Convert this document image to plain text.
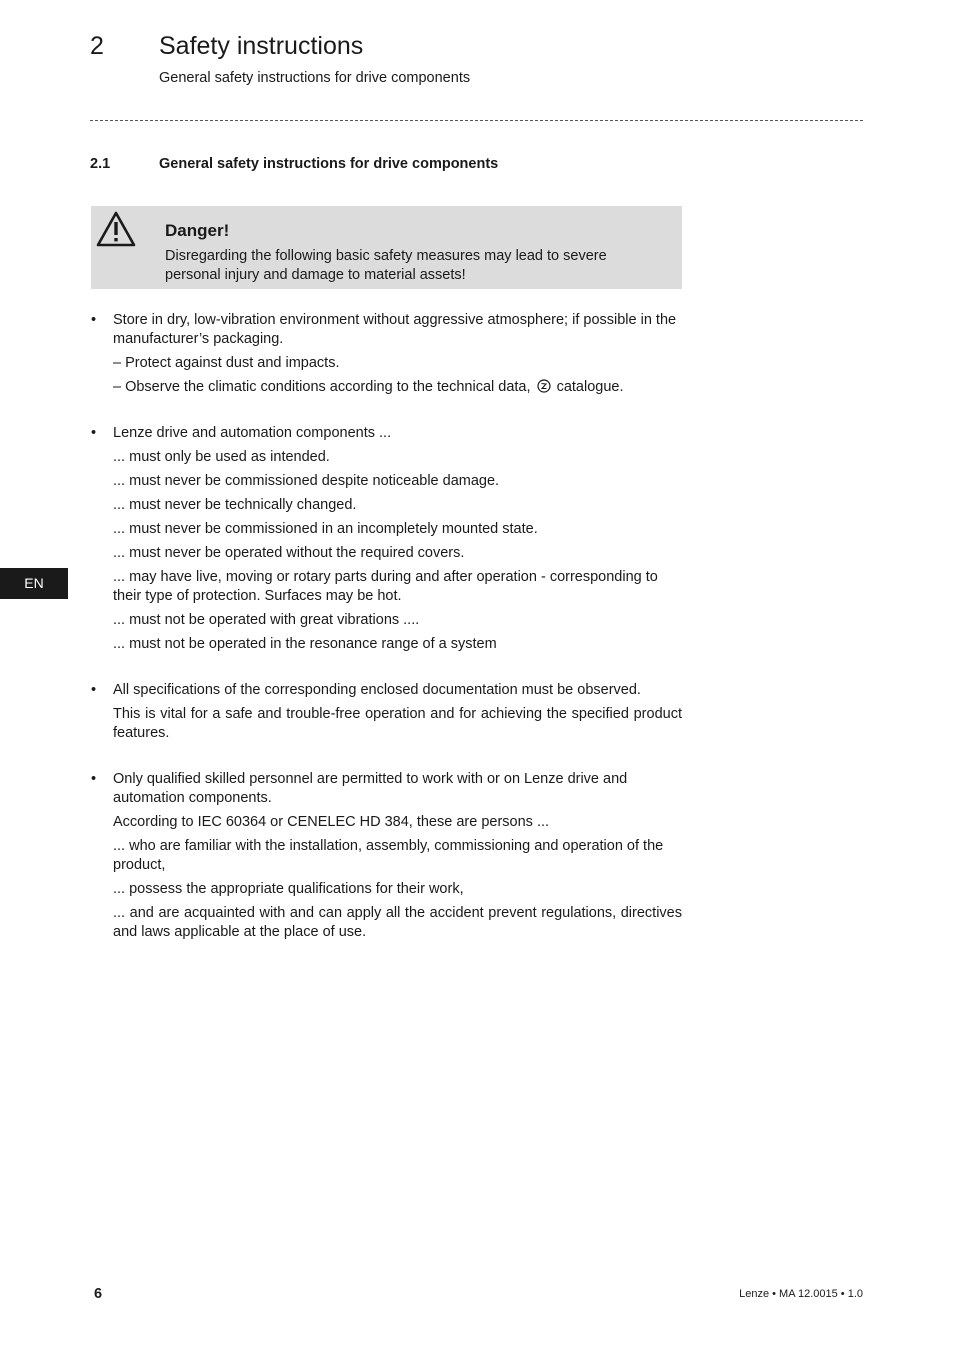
2 Safety instructions
General safety instructions for drive components
2.1	General safety instructions for drive components
Danger!
Disregarding the following basic safety measures may lead to severe personal injury and damage to material assets!
• Store in dry, low-vibration environment without aggressive atmosphere; if possible in the manufacturer’s packaging.

– Protect against dust and impacts.

– Observe the climatic conditions according to the technical data, catalogue.

• Lenze drive and automation components ...

... must only be used as intended.

... must never be commissioned despite noticeable damage.

... must never be technically changed.

... must never be commissioned in an incompletely mounted state.

... must never be operated without the required covers.

... may have live, moving or rotary parts during and after operation - corresponding to their type of protection. Surfaces may be hot.

... must not be operated with great vibrations ....

... must not be operated in the resonance range of a system

• All specifications of the corresponding enclosed documentation must be observed.

This is vital for a safe and trouble-free operation and for achieving the specified product features.

• Only qualified skilled personnel are permitted to work with or on Lenze drive and automation components.

According to IEC 60364 or CENELEC HD 384, these are persons ...

... who are familiar with the installation, assembly, commissioning and operation of the product,

... possess the appropriate qualifications for their work,

... and are acquainted with and can apply all the accident prevent regulations, directives and laws applicable at the place of use.

EN
6	Lenze • MA 12.0015 • 1.0
